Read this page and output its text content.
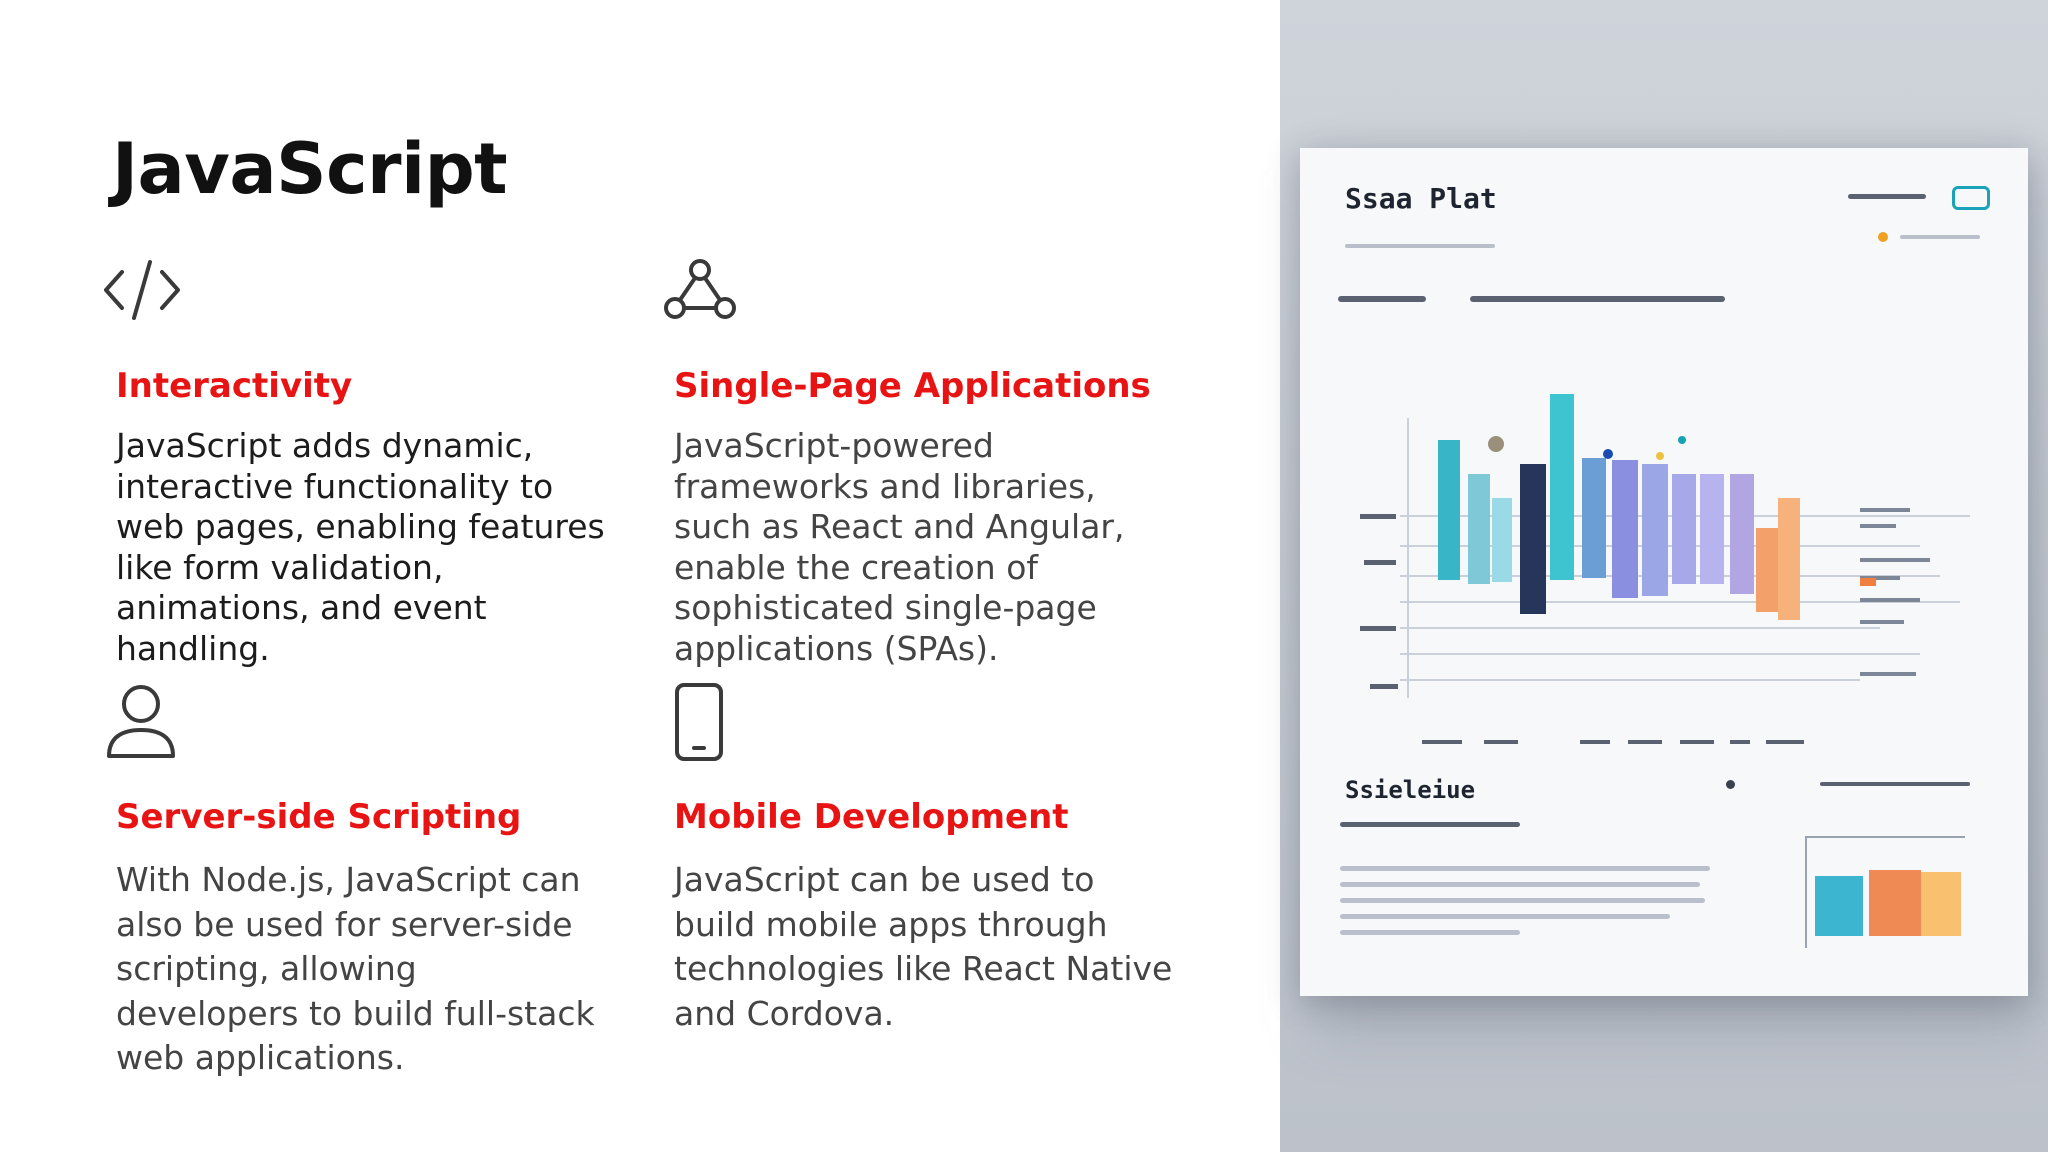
JavaScript
Interactivity

JavaScript adds dynamic, interactive functionality to web pages, enabling features like form validation, animations, and event handling.

Single-Page Applications

JavaScript-powered frameworks and libraries, such as React and Angular, enable the creation of sophisticated single-page applications (SPAs).

Server-side Scripting

With Node.js, JavaScript can also be used for server-side scripting, allowing developers to build full-stack web applications.

Mobile Development

JavaScript can be used to build mobile apps through technologies like React Native and Cordova.

Ssaa Plat

Ssieleiue
